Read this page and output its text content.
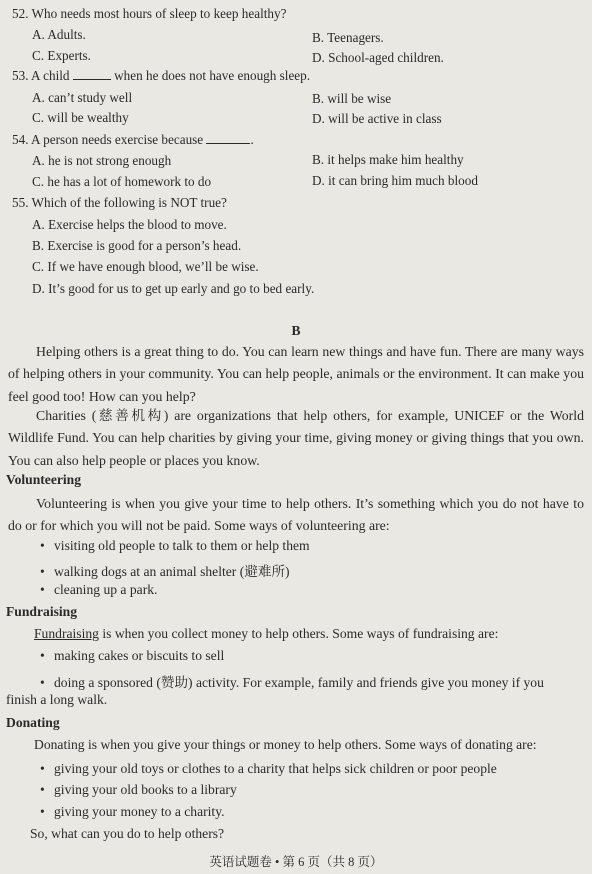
52. Who needs most hours of sleep to keep healthy?
A. Adults.	B. Teenagers.
C. Experts.	D. School-aged children.
53. A child	when he does not have enough sleep.
A. can’t study well	B. will be wise
C. will be wealthy	D. will be active in class
54. A person needs exercise because	.
A. he is not strong enough	B. it helps make him healthy
C. he has a lot of homework to do	D. it can bring him much blood
55. Which of the following is NOT true?
A. Exercise helps the blood to move.
B. Exercise is good for a person’s head.
C. If we have enough blood, we’ll be wise.
D. It’s good for us to get up early and go to bed early.
B

Helping others is a great thing to do. You can learn new things and have fun. There are many ways of helping others in your community. You can help people, animals or the environment. It can make you feel good too! How can you help?

Charities (慈善机构) are organizations that help others, for example, UNICEF or the World Wildlife Fund. You can help charities by giving your time, giving money or giving things that you own. You can also help people or places you know.

Volunteering

Volunteering is when you give your time to help others. It’s something which you do not have to do or for which you will not be paid. Some ways of volunteering are:

• visiting old people to talk to them or help them
• walking dogs at an animal shelter (避难所)
• cleaning up a park.
Fundraising
Fundraising is when you collect money to help others. Some ways of fundraising are:
• making cakes or biscuits to sell
• doing a sponsored (赞助) activity. For example, family and friends give you money if you
finish a long walk.
Donating
Donating is when you give your things or money to help others. Some ways of donating are:
• giving your old toys or clothes to a charity that helps sick children or poor people
• giving your old books to a library
• giving your money to a charity.
So, what can you do to help others?
英语试题卷 • 第 6 页（共 8 页）
